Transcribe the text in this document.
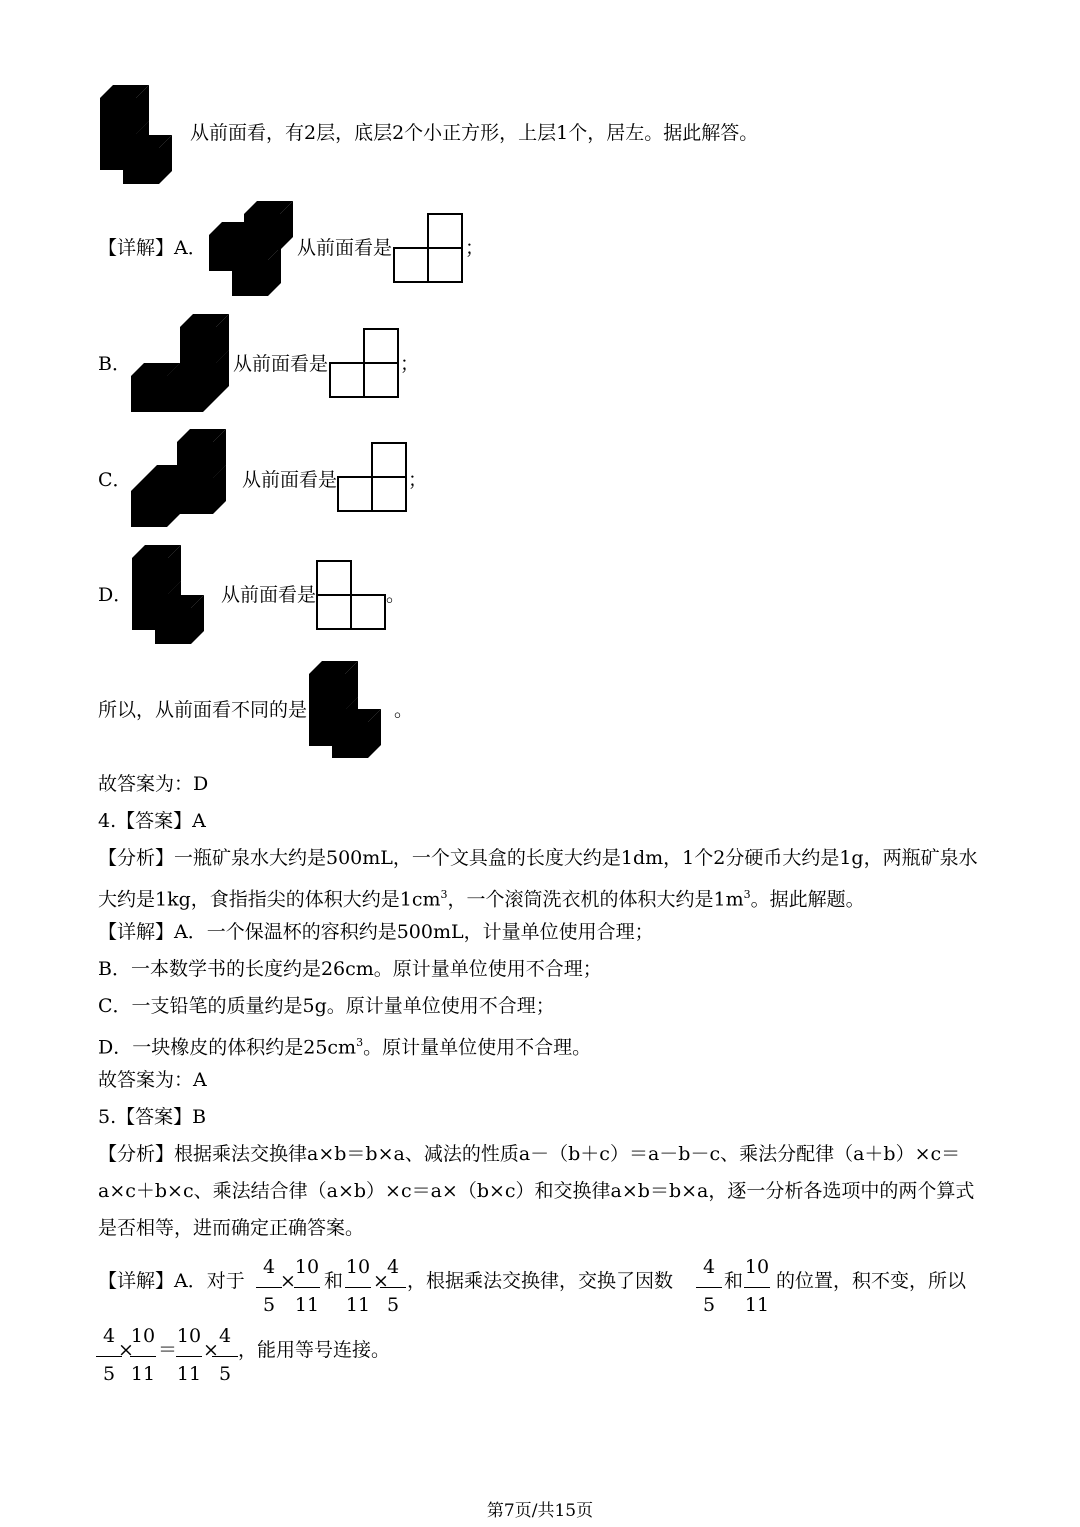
从前面看，有2层，底层2个小正方形，上层1个，居左。据此解答。
【详解】A．	从前面看是	；
B．	从前面看是	；
C．	从前面看是	；
D．	从前面看是	。
所以，从前面看不同的是	。
故答案为：D
4.【答案】A
【分析】一瓶矿泉水大约是500mL，一个文具盒的长度大约是1dm，1个2分硬币大约是1g，两瓶矿泉水
大约是1kg，食指指尖的体积大约是$1cm^3$，一个滚筒洗衣机的体积大约是$1m^3$。据此解题。
【详解】A．一个保温杯的容积约是500mL，计量单位使用合理；
B．一本数学书的长度约是26cm。原计量单位使用不合理；
C．一支铅笔的质量约是5g。原计量单位使用不合理；
D．一块橡皮的体积约是$25cm^3$。原计量单位使用不合理。
故答案为：A
5.【答案】B
【分析】根据乘法交换律a×b＝b×a、减法的性质a－（b＋c）＝a－b－c、乘法分配律（a＋b）×c＝
a×c＋b×c、乘法结合律（a×b）×c＝a×（b×c）和交换律a×b＝b×a，逐一分析各选项中的两个算式
是否相等，进而确定正确答案。
【详解】A．对于
4
5
×
10
11
和
10
11
×
4
5
，根据乘法交换律，交换了因数
4
5
和
10
11
的位置，积不变，所以
4
5
×
10
11
＝
10
11
×
4
5
，能用等号连接。
第7页/共15页
